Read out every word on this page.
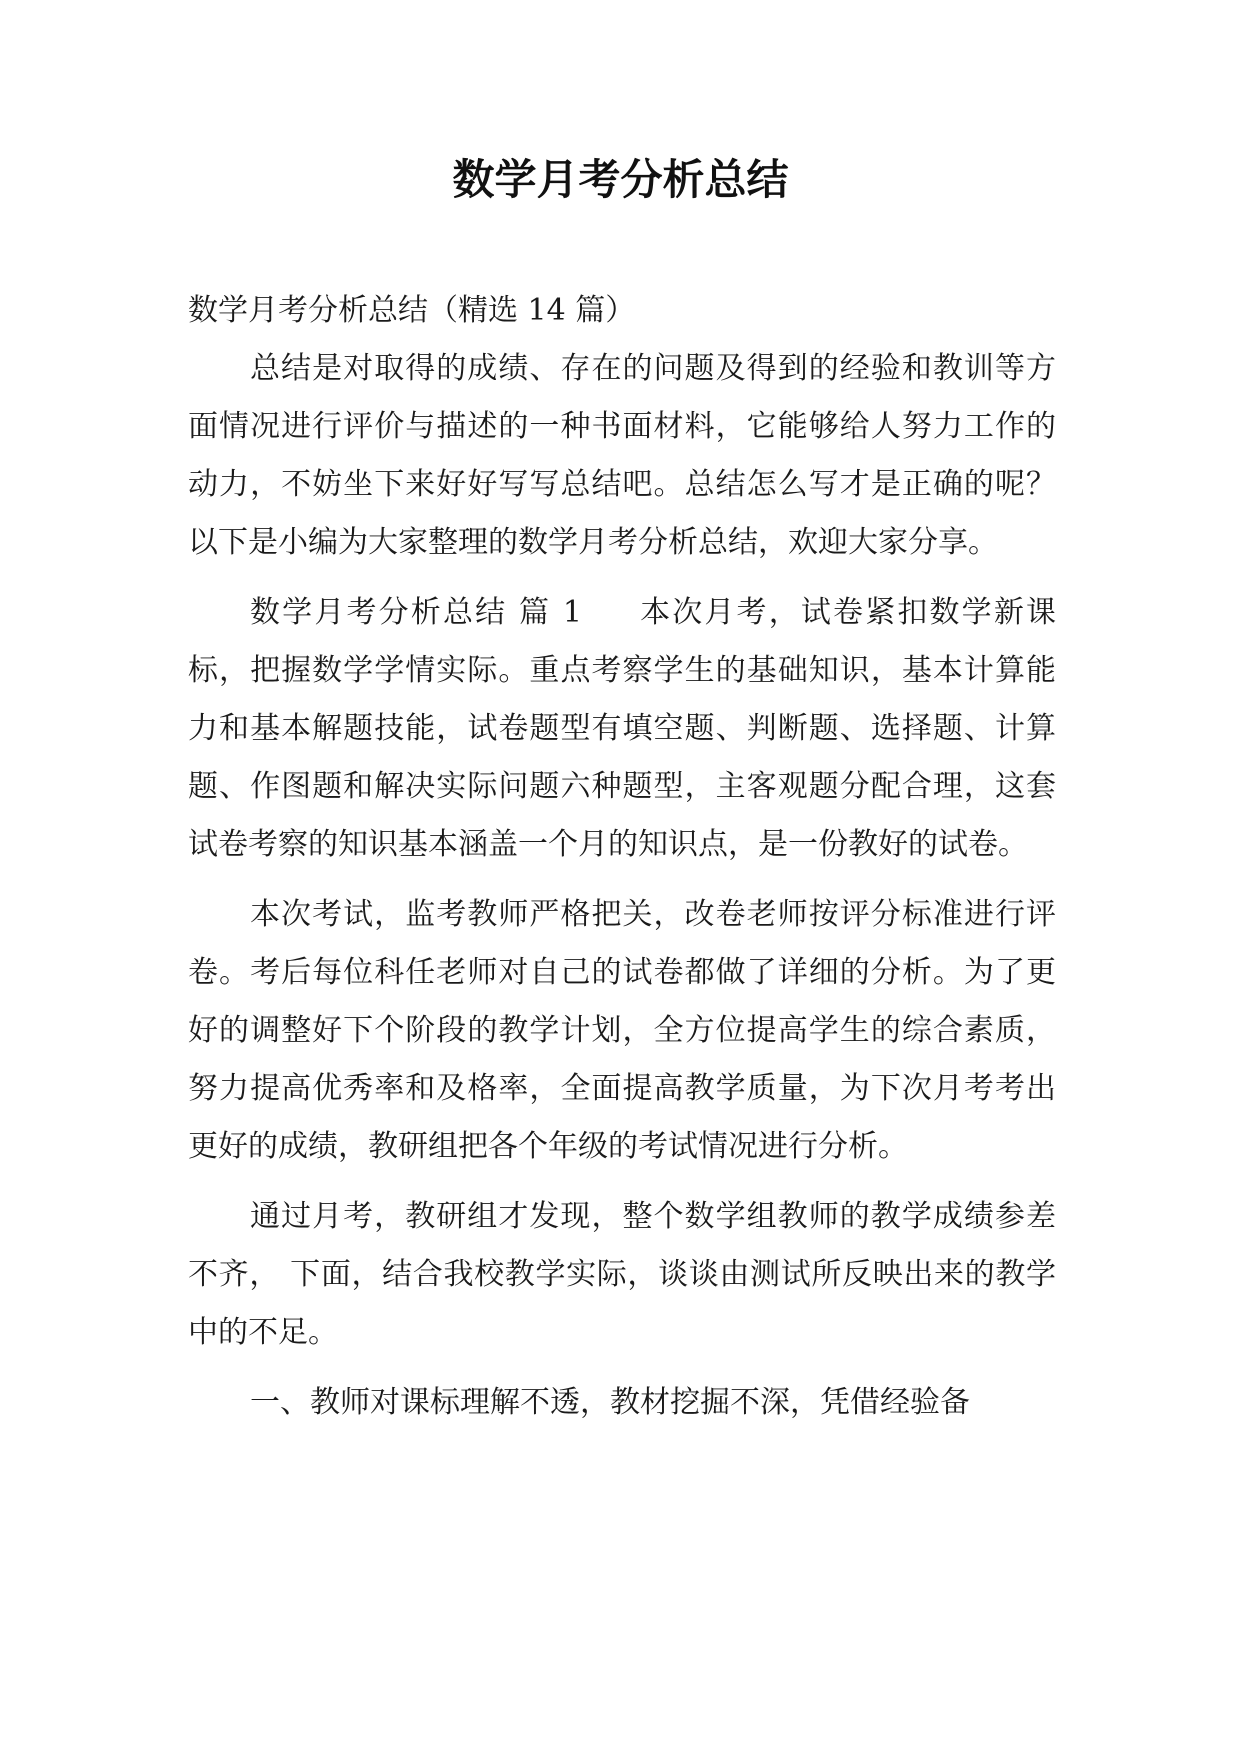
数学月考分析总结

数学月考分析总结（精选 14 篇）

总结是对取得的成绩、存在的问题及得到的经验和教训等方面情况进行评价与描述的一种书面材料，它能够给人努力工作的动力，不妨坐下来好好写写总结吧。总结怎么写才是正确的呢？以下是小编为大家整理的数学月考分析总结，欢迎大家分享。

数学月考分析总结 篇 1 本次月考，试卷紧扣数学新课标，把握数学学情实际。重点考察学生的基础知识，基本计算能力和基本解题技能，试卷题型有填空题、判断题、选择题、计算题、作图题和解决实际问题六种题型，主客观题分配合理，这套试卷考察的知识基本涵盖一个月的知识点，是一份教好的试卷。

本次考试，监考教师严格把关，改卷老师按评分标准进行评卷。考后每位科任老师对自己的试卷都做了详细的分析。为了更好的调整好下个阶段的教学计划，全方位提高学生的综合素质，努力提高优秀率和及格率，全面提高教学质量，为下次月考考出更好的成绩，教研组把各个年级的考试情况进行分析。

通过月考，教研组才发现，整个数学组教师的教学成绩参差不齐， 下面，结合我校教学实际，谈谈由测试所反映出来的教学中的不足。

一、教师对课标理解不透，教材挖掘不深，凭借经验备
